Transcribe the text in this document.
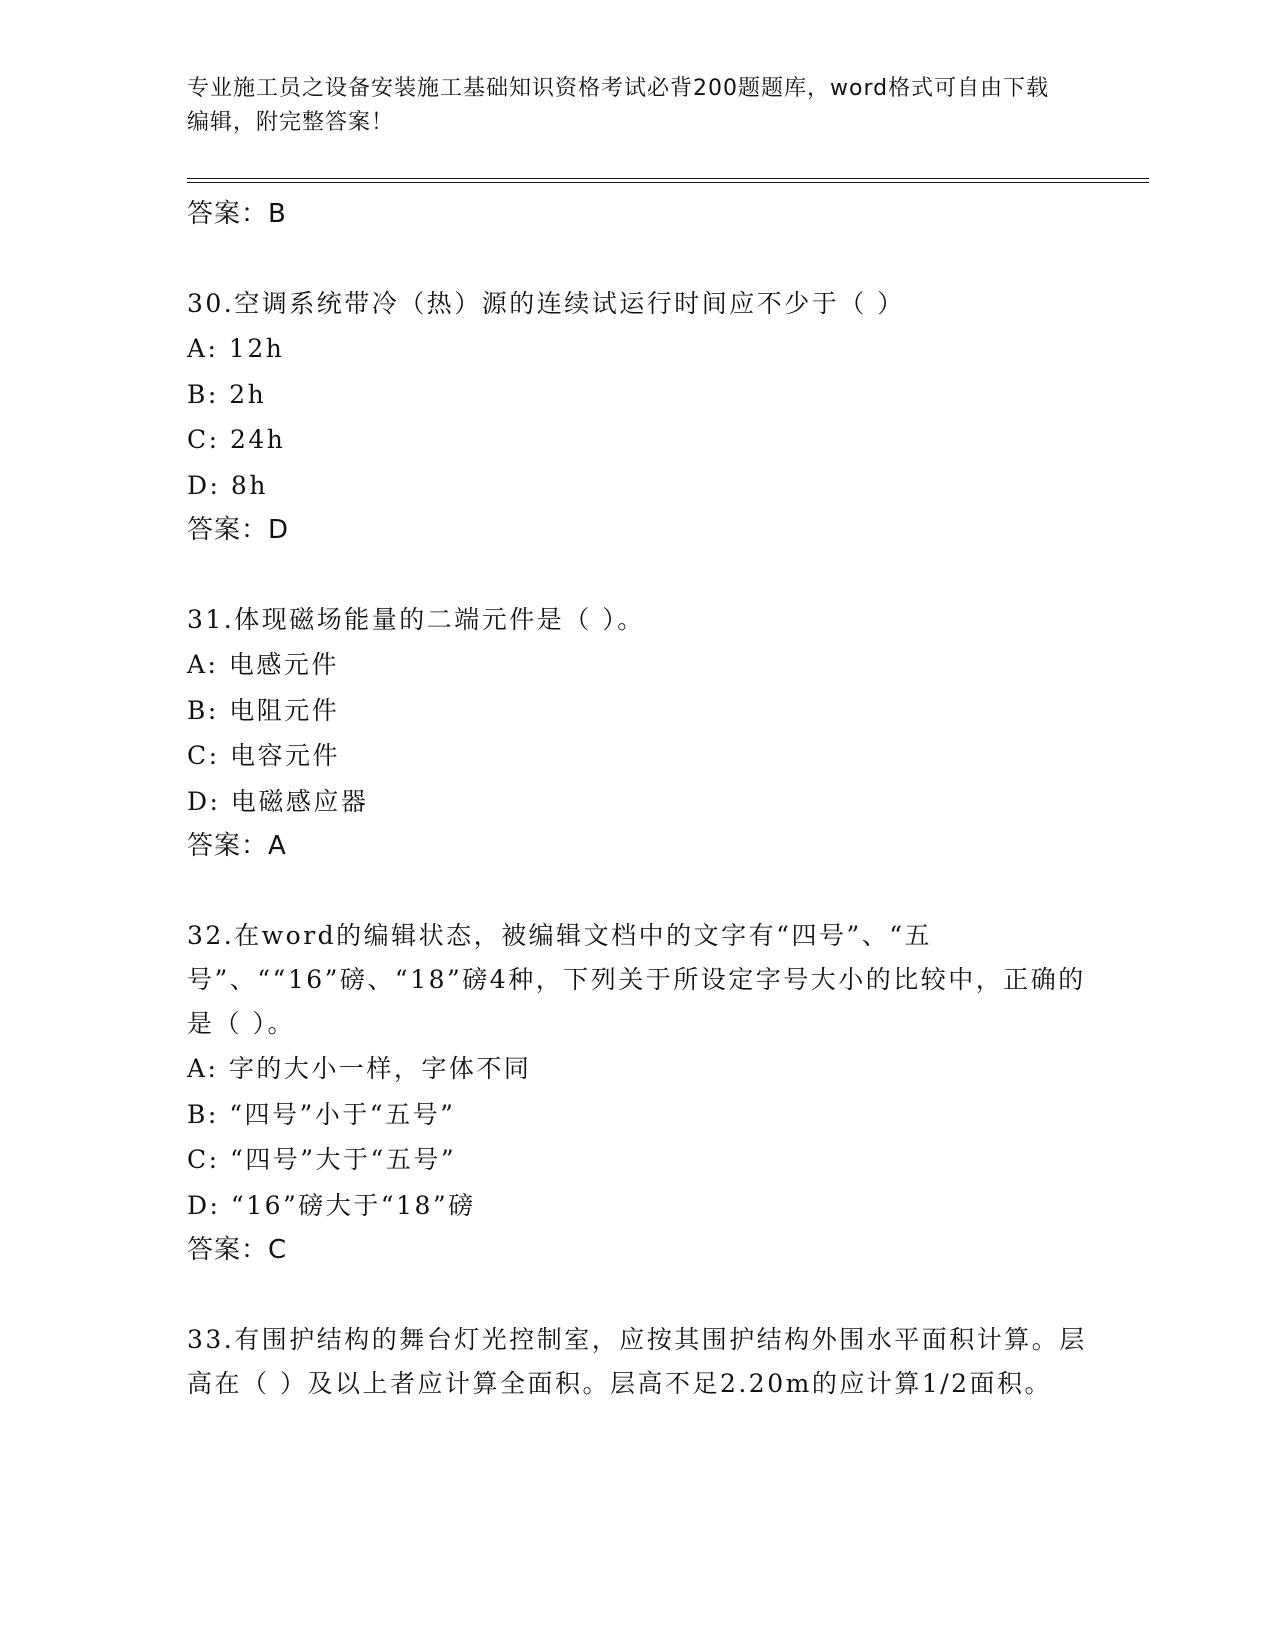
专业施工员之设备安装施工基础知识资格考试必背200题题库，word格式可自由下载编辑，附完整答案！
答案：B

30.空调系统带冷（热）源的连续试运行时间应不少于（ ）

A: 12h
B: 2h
C: 24h
D: 8h
答案：D

31.体现磁场能量的二端元件是（ ）。

A: 电感元件
B: 电阻元件
C: 电容元件
D: 电磁感应器
答案：A

32.在word的编辑状态，被编辑文档中的文字有“四号”、“五号”、““16”磅、“18”磅4种，下列关于所设定字号大小的比较中，正确的是（ ）。

A: 字的大小一样，字体不同
B: “四号”小于“五号”
C: “四号”大于“五号”
D: “16”磅大于“18”磅
答案：C

33.有围护结构的舞台灯光控制室，应按其围护结构外围水平面积计算。层高在（ ）及以上者应计算全面积。层高不足2.20m的应计算1/2面积。
